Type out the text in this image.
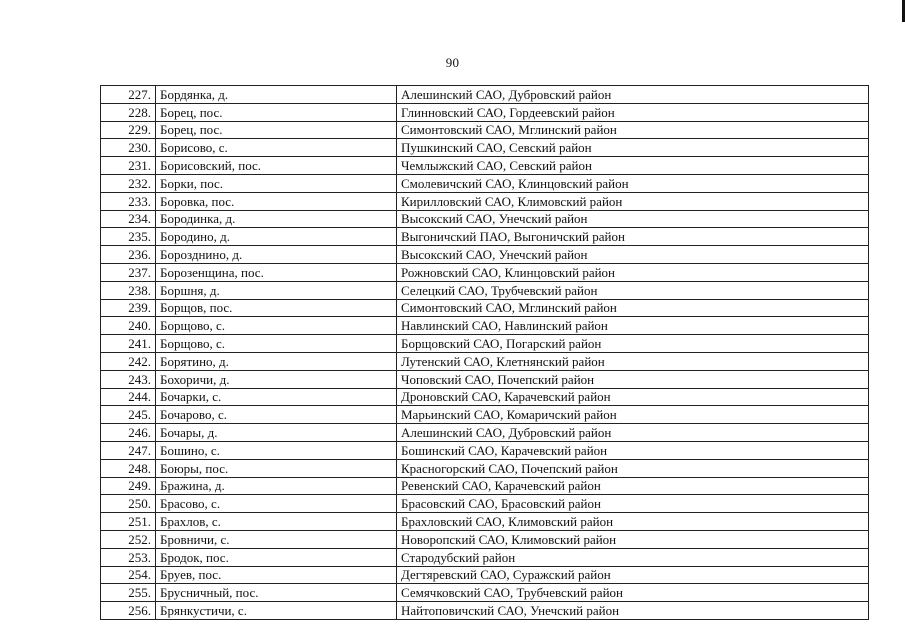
90
227.	Бордянка, д.	Алешинский САО, Дубровский район
228.	Борец, пос.	Глинновский САО, Гордеевский район
229.	Борец, пос.	Симонтовский САО, Мглинский район
230.	Борисово, с.	Пушкинский САО, Севский район
231.	Борисовский, пос.	Чемлыжский САО, Севский район
232.	Борки, пос.	Смолевичский САО, Клинцовский район
233.	Боровка, пос.	Кирилловский САО, Климовский район
234.	Бородинка, д.	Высокский САО, Унечский район
235.	Бородино, д.	Выгоничский ПАО, Выгоничский район
236.	Борозднино, д.	Высокский САО, Унечский район
237.	Борозенщина, пос.	Рожновский САО, Клинцовский район
238.	Боршня, д.	Селецкий САО, Трубчевский район
239.	Борщов, пос.	Симонтовский САО, Мглинский район
240.	Борщово, с.	Навлинский САО, Навлинский район
241.	Борщово, с.	Борщовский САО, Погарский район
242.	Борятино, д.	Лутенский САО, Клетнянский район
243.	Бохоричи, д.	Чоповский САО, Почепский район
244.	Бочарки, с.	Дроновский САО, Карачевский район
245.	Бочарово, с.	Марьинский САО, Комаричский район
246.	Бочары, д.	Алешинский САО, Дубровский район
247.	Бошино, с.	Бошинский САО, Карачевский район
248.	Боюры, пос.	Красногорский САО, Почепский район
249.	Бражина, д.	Ревенский САО, Карачевский район
250.	Брасово, с.	Брасовский САО, Брасовский район
251.	Брахлов, с.	Брахловский САО, Климовский район
252.	Бровничи, с.	Новоропский САО, Климовский район
253.	Бродок, пос.	Стародубский район
254.	Бруев, пос.	Дегтяревский САО, Суражский район
255.	Брусничный, пос.	Семячковский САО, Трубчевский район
256.	Брянкустичи, с.	Найтоповичский САО, Унечский район
